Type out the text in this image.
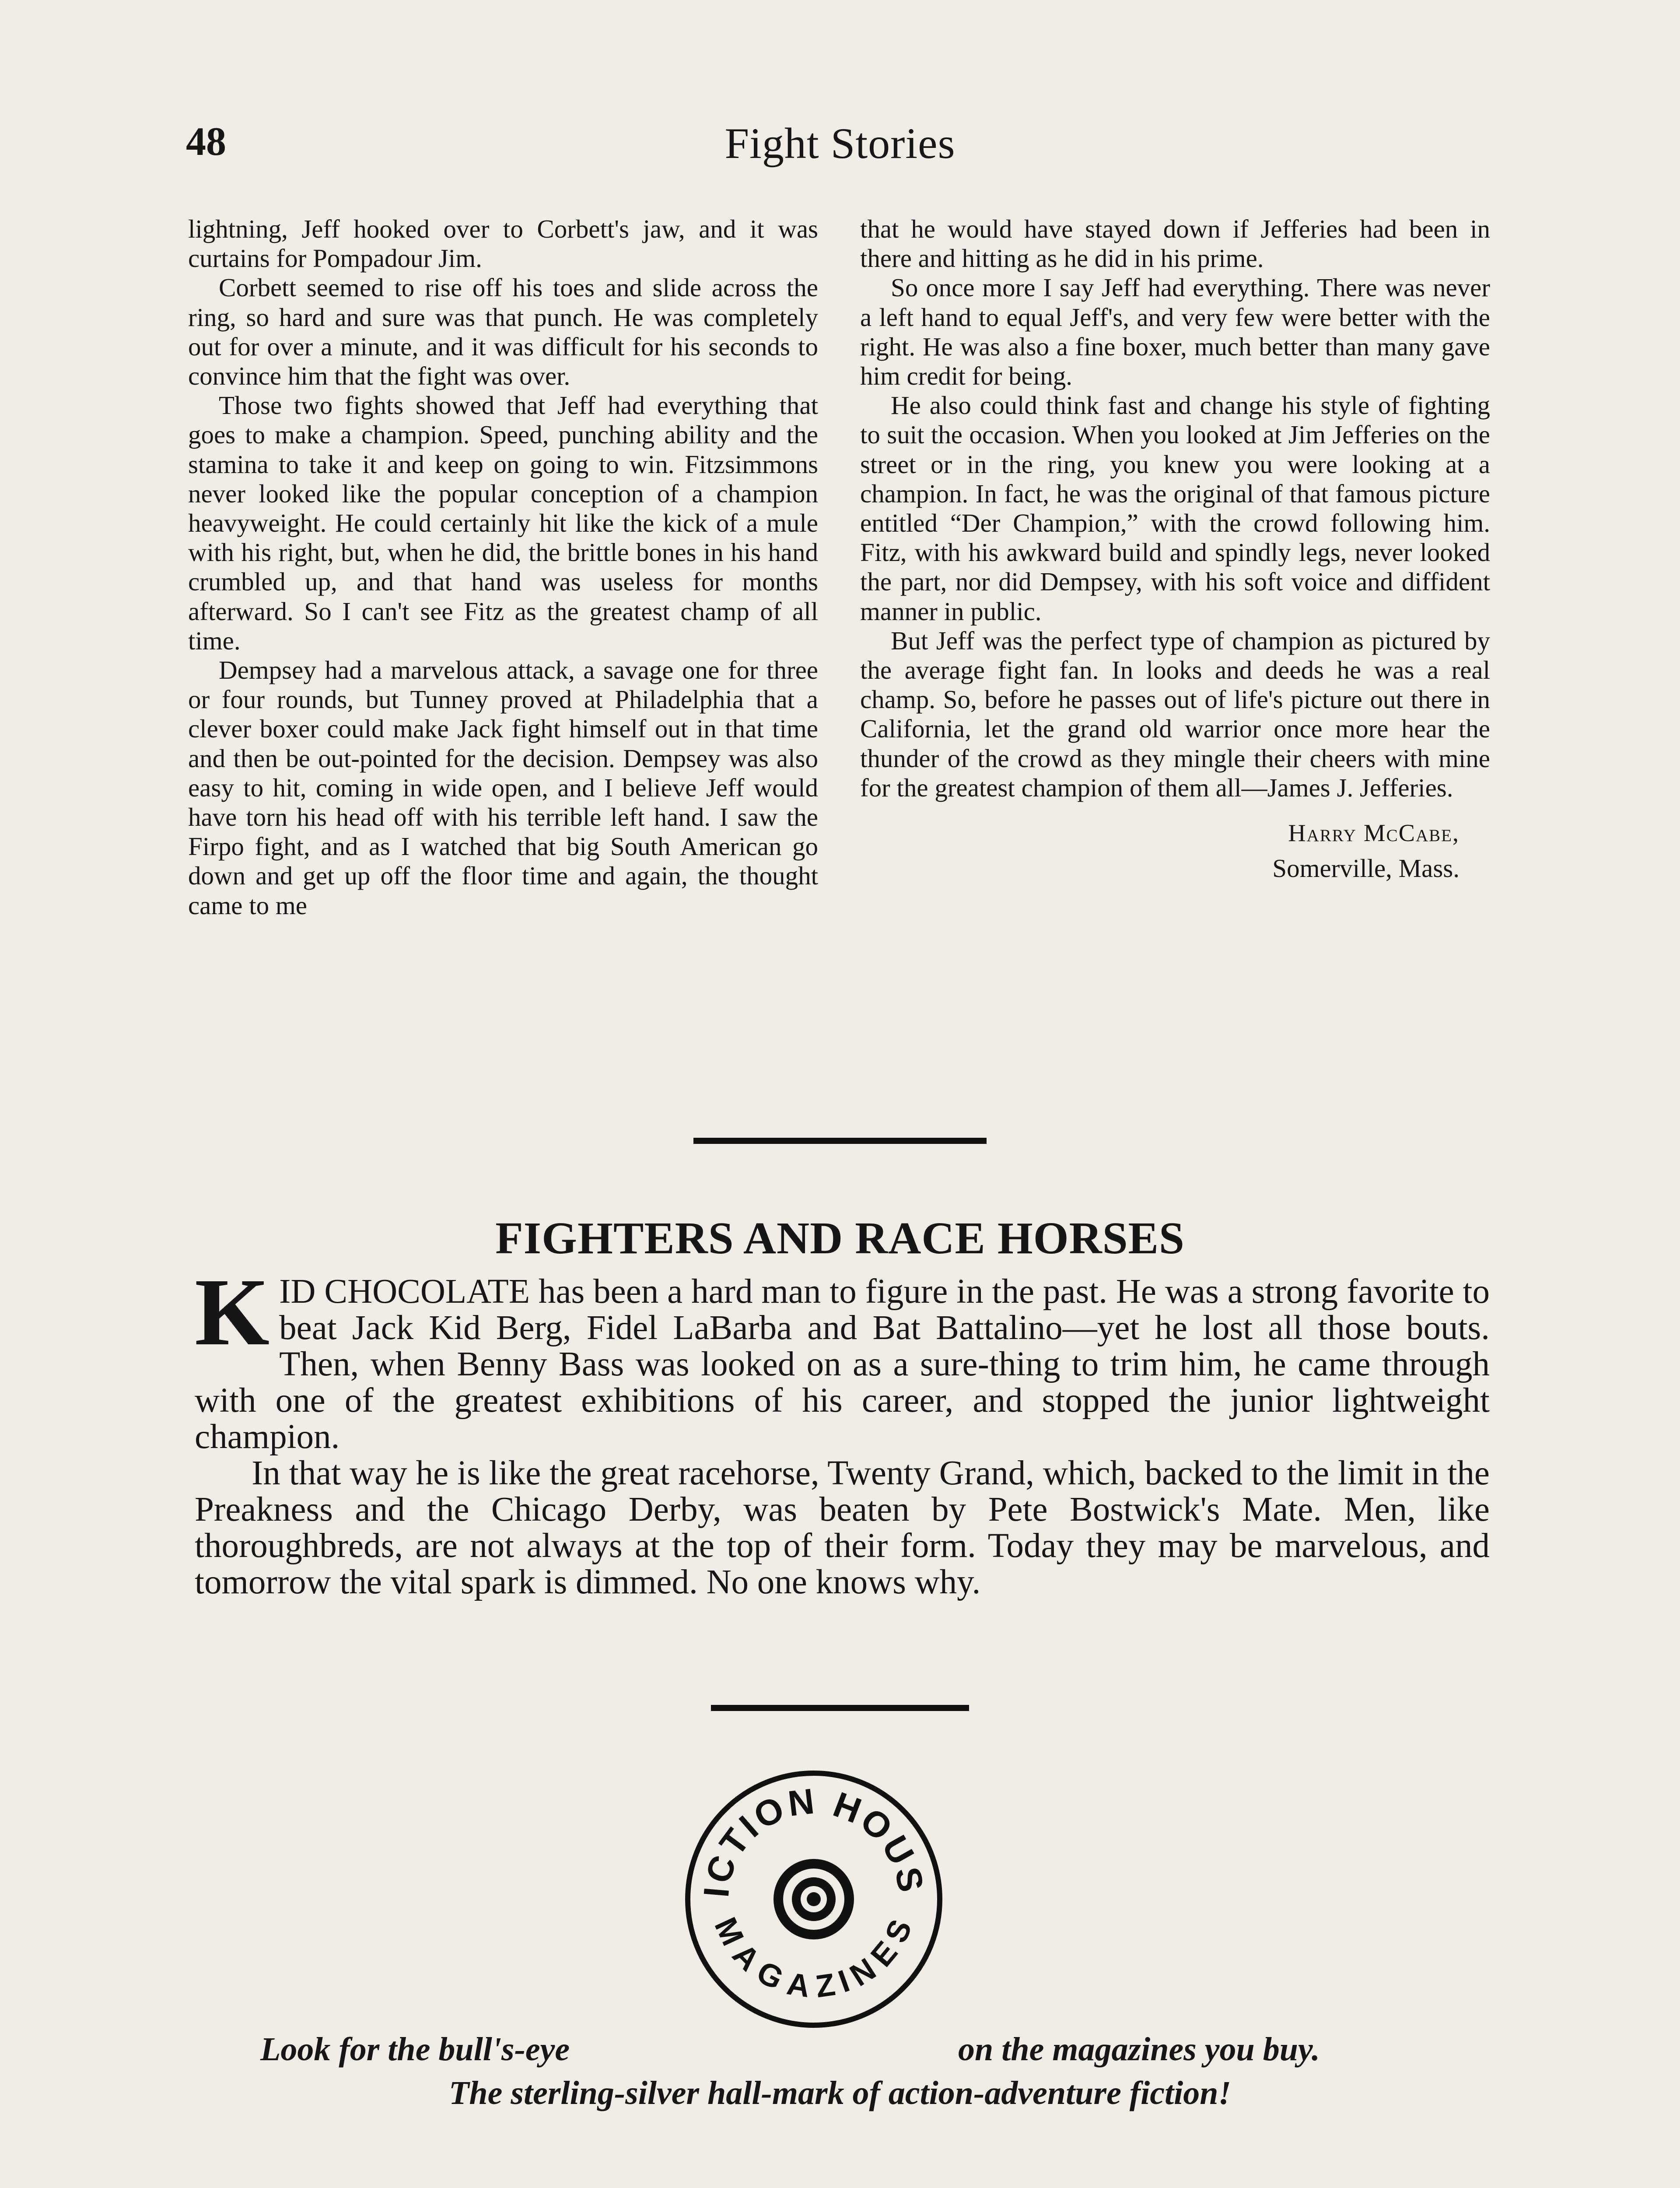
48	Fight Stories

lightning, Jeff hooked over to Corbett's jaw, and it was curtains for Pompadour Jim.

Corbett seemed to rise off his toes and slide across the ring, so hard and sure was that punch. He was completely out for over a minute, and it was difficult for his seconds to convince him that the fight was over.

Those two fights showed that Jeff had everything that goes to make a champion. Speed, punching ability and the stamina to take it and keep on going to win. Fitzsimmons never looked like the popular conception of a champion heavyweight. He could certainly hit like the kick of a mule with his right, but, when he did, the brittle bones in his hand crumbled up, and that hand was useless for months afterward. So I can't see Fitz as the greatest champ of all time.

Dempsey had a marvelous attack, a savage one for three or four rounds, but Tunney proved at Philadelphia that a clever boxer could make Jack fight himself out in that time and then be out-pointed for the decision. Dempsey was also easy to hit, coming in wide open, and I believe Jeff would have torn his head off with his terrible left hand. I saw the Firpo fight, and as I watched that big South American go down and get up off the floor time and again, the thought came to me

that he would have stayed down if Jefferies had been in there and hitting as he did in his prime.

So once more I say Jeff had everything. There was never a left hand to equal Jeff's, and very few were better with the right. He was also a fine boxer, much better than many gave him credit for being.

He also could think fast and change his style of fighting to suit the occasion. When you looked at Jim Jefferies on the street or in the ring, you knew you were looking at a champion. In fact, he was the original of that famous picture entitled “Der Champion,” with the crowd following him. Fitz, with his awkward build and spindly legs, never looked the part, nor did Dempsey, with his soft voice and diffident manner in public.

But Jeff was the perfect type of champion as pictured by the average fight fan. In looks and deeds he was a real champ. So, before he passes out of life's picture out there in California, let the grand old warrior once more hear the thunder of the crowd as they mingle their cheers with mine for the greatest champion of them all—James J. Jefferies.

Harry McCabe,
Somerville, Mass.
FIGHTERS AND RACE HORSES

KID CHOCOLATE has been a hard man to figure in the past. He was a strong favorite to beat Jack Kid Berg, Fidel LaBarba and Bat Battalino—yet he lost all those bouts. Then, when Benny Bass was looked on as a sure-thing to trim him, he came through with one of the greatest exhibitions of his career, and stopped the junior lightweight champion.

In that way he is like the great racehorse, Twenty Grand, which, backed to the limit in the Preakness and the Chicago Derby, was beaten by Pete Bostwick's Mate. Men, like thoroughbreds, are not always at the top of their form. Today they may be marvelous, and tomorrow the vital spark is dimmed. No one knows why.

ICTION HOUS
MAGAZINES
Look for the bull's-eye	on the magazines you buy.
The sterling-silver hall-mark of action-adventure fiction!
